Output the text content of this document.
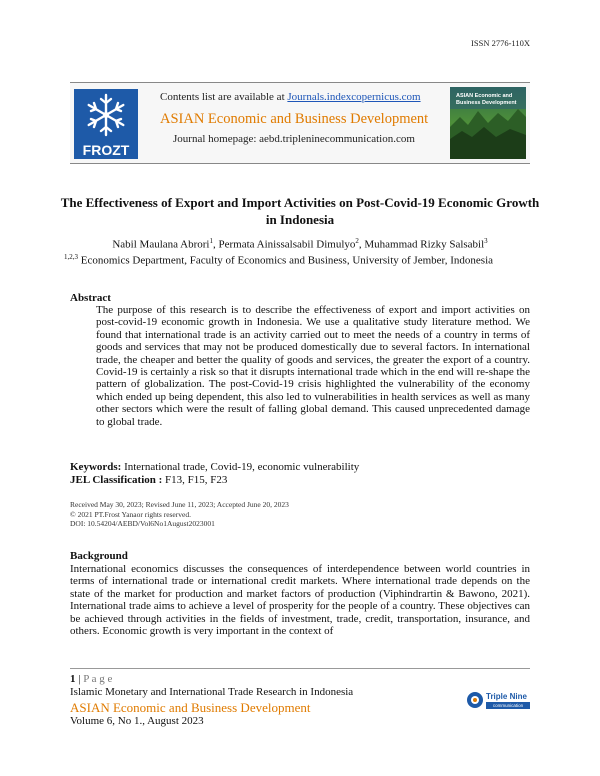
ISSN 2776-110X
FROZT
Contents list are available at Journals.indexcopernicus.com
ASIAN Economic and Business Development
Journal homepage: aebd.tripleninecommunication.com
ASIAN Economic and Business Development
The Effectiveness of Export and Import Activities on Post-Covid-19 Economic Growth in Indonesia
Nabil Maulana Abrori$^1$, Permata Ainissalsabil Dimulyo$^2$, Muhammad Rizky Salsabil$^3$
$^{1,2,3}$ Economics Department, Faculty of Economics and Business, University of Jember, Indonesia
Abstract
The purpose of this research is to describe the effectiveness of export and import activities on post-covid-19 economic growth in Indonesia. We use a qualitative study literature method. We found that international trade is an activity carried out to meet the needs of a country in terms of goods and services that may not be produced domestically due to several factors. In international trade, the cheaper and better the quality of goods and services, the greater the export of a country. Covid-19 is certainly a risk so that it disrupts international trade which in the end will re-shape the pattern of globalization. The post-Covid-19 crisis highlighted the vulnerability of the economy which ended up being dependent, this also led to vulnerabilities in health services as well as many other sectors which were the result of falling global demand. This caused unprecedented damage to global trade.
Keywords: International trade, Covid-19, economic vulnerability
JEL Classification : F13, F15, F23
Received May 30, 2023; Revised June 11, 2023; Accepted June 20, 2023
© 2021 PT.Frost Yanaor rights reserved.
DOI: 10.54204/AEBD/Vol6No1August2023001
Background
International economics discusses the consequences of interdependence between world countries in terms of international trade or international credit markets. Where international trade depends on the state of the market for production and market factors of production (Viphindrartin & Bawono, 2021). International trade aims to achieve a level of prosperity for the people of a country. These objectives can be achieved through activities in the fields of investment, trade, credit, transportation, insurance, and others. Economic growth is very important in the context of
1 | P a g e
Islamic Monetary and International Trade Research in Indonesia
ASIAN Economic and Business Development
Volume 6, No 1., August 2023
Triple Nine
communication
